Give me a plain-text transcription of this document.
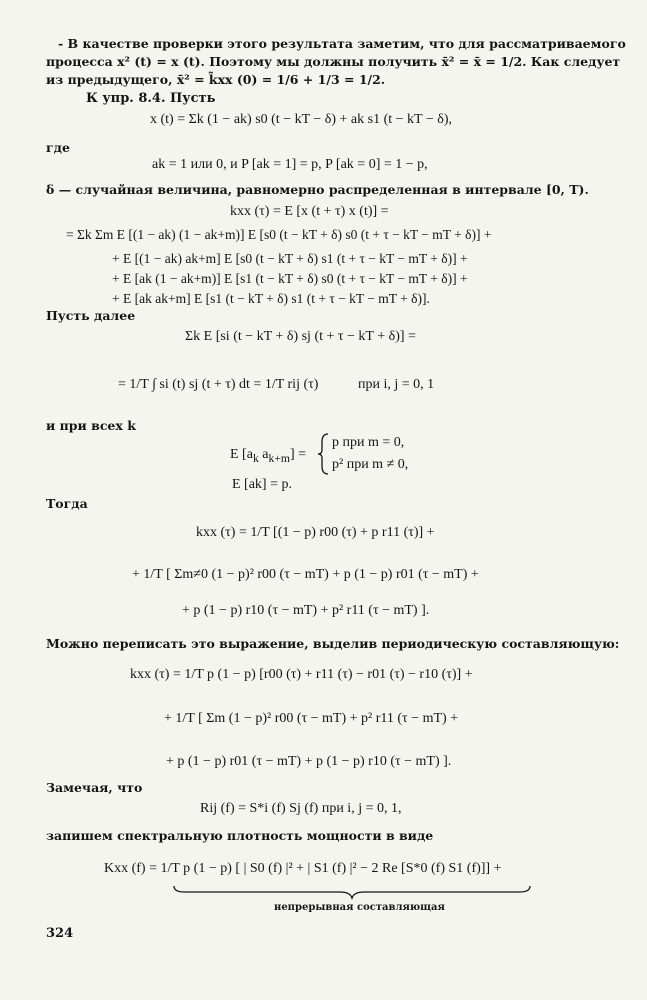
- В качестве проверки этого результата заметим, что для рассматриваемого
процесса x² (t) = x (t). Поэтому мы должны получить x̄² = x̄ = 1/2. Как следует
из предыдущего, x̄² = k̃xx (0) = 1/6 + 1/3 = 1/2.
К упр. 8.4. Пусть
x (t) = Σk (1 − ak) s0 (t − kT − δ) + ak s1 (t − kT − δ),
где
ak = 1 или 0, и P [ak = 1] = p, P [ak = 0] = 1 − p,
δ — случайная величина, равномерно распределенная в интервале [0, T).
kxx (τ) = E [x (t + τ) x (t)] =
= Σk Σm E [(1 − ak) (1 − ak+m)] E [s0 (t − kT + δ) s0 (t + τ − kT − mT + δ)] +
+ E [(1 − ak) ak+m] E [s0 (t − kT + δ) s1 (t + τ − kT − mT + δ)] +
+ E [ak (1 − ak+m)] E [s1 (t − kT + δ) s0 (t + τ − kT − mT + δ)] +
+ E [ak ak+m] E [s1 (t − kT + δ) s1 (t + τ − kT − mT + δ)].
Пусть далее
Σk E [si (t − kT + δ) sj (t + τ − kT + δ)] =
= 1/T ∫ si (t) sj (t + τ) dt = 1/T rij (τ)	при i, j = 0, 1
и при всех k
E [$a_k$ $a_{k+m}$] =
p при m = 0,
p² при m ≠ 0,
E [ak] = p.
Тогда
kxx (τ) = 1/T [(1 − p) r00 (τ) + p r11 (τ)] +
+ 1/T [ Σm≠0 (1 − p)² r00 (τ − mT) + p (1 − p) r01 (τ − mT) +
+ p (1 − p) r10 (τ − mT) + p² r11 (τ − mT) ].
Можно переписать это выражение, выделив периодическую составляющую:
kxx (τ) = 1/T p (1 − p) [r00 (τ) + r11 (τ) − r01 (τ) − r10 (τ)] +
+ 1/T [ Σm (1 − p)² r00 (τ − mT) + p² r11 (τ − mT) +
+ p (1 − p) r01 (τ − mT) + p (1 − p) r10 (τ − mT) ].
Замечая, что
Rij (f) = S*i (f) Sj (f) при i, j = 0, 1,
запишем спектральную плотность мощности в виде
Kxx (f) = 1/T p (1 − p) [ | S0 (f) |² + | S1 (f) |² − 2 Re [S*0 (f) S1 (f)]] +
непрерывная составляющая
324
